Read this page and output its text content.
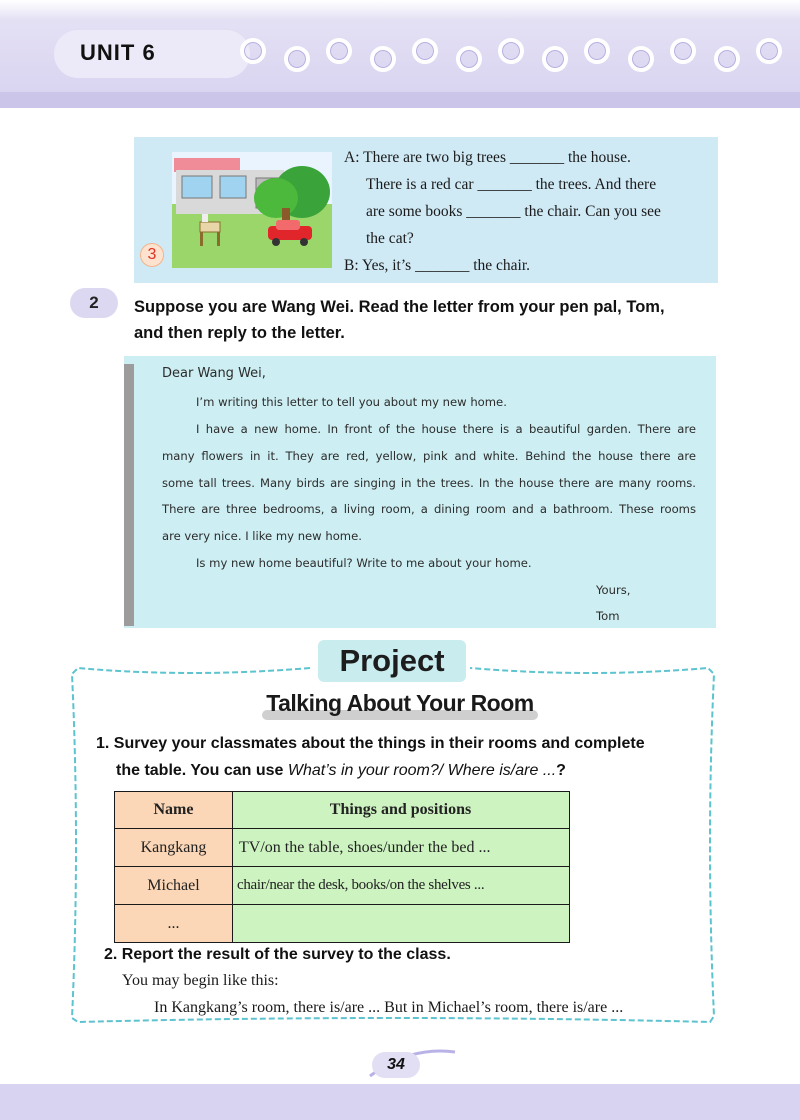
UNIT 6
3
A: There are two big trees _______ the house.
There is a red car _______ the trees. And there
are some books _______ the chair. Can you see
the cat?
B: Yes, it’s _______ the chair.
2	Suppose you are Wang Wei. Read the letter from your pen pal, Tom,
and then reply to the letter.
Dear Wang Wei,
I’m writing this letter to tell you about my new home.
I have a new home. In front of the house there is a beautiful garden. There are
many flowers in it. They are red, yellow, pink and white. Behind the house there are
some tall trees. Many birds are singing in the trees. In the house there are many rooms.
There are three bedrooms, a living room, a dining room and a bathroom. These rooms
are very nice. I like my new home.
Is my new home beautiful? Write to me about your home.
Yours,
Tom
Project
Talking About Your Room
1. Survey your classmates about the things in their rooms and complete
the table. You can use What’s in your room?/ Where is/are ...?
Name	Things and positions
Kangkang	TV/on the table, shoes/under the bed ...
Michael	chair/near the desk, books/on the shelves ...
...	
2. Report the result of the survey to the class.
You may begin like this:
In Kangkang’s room, there is/are ... But in Michael’s room, there is/are ...
34
